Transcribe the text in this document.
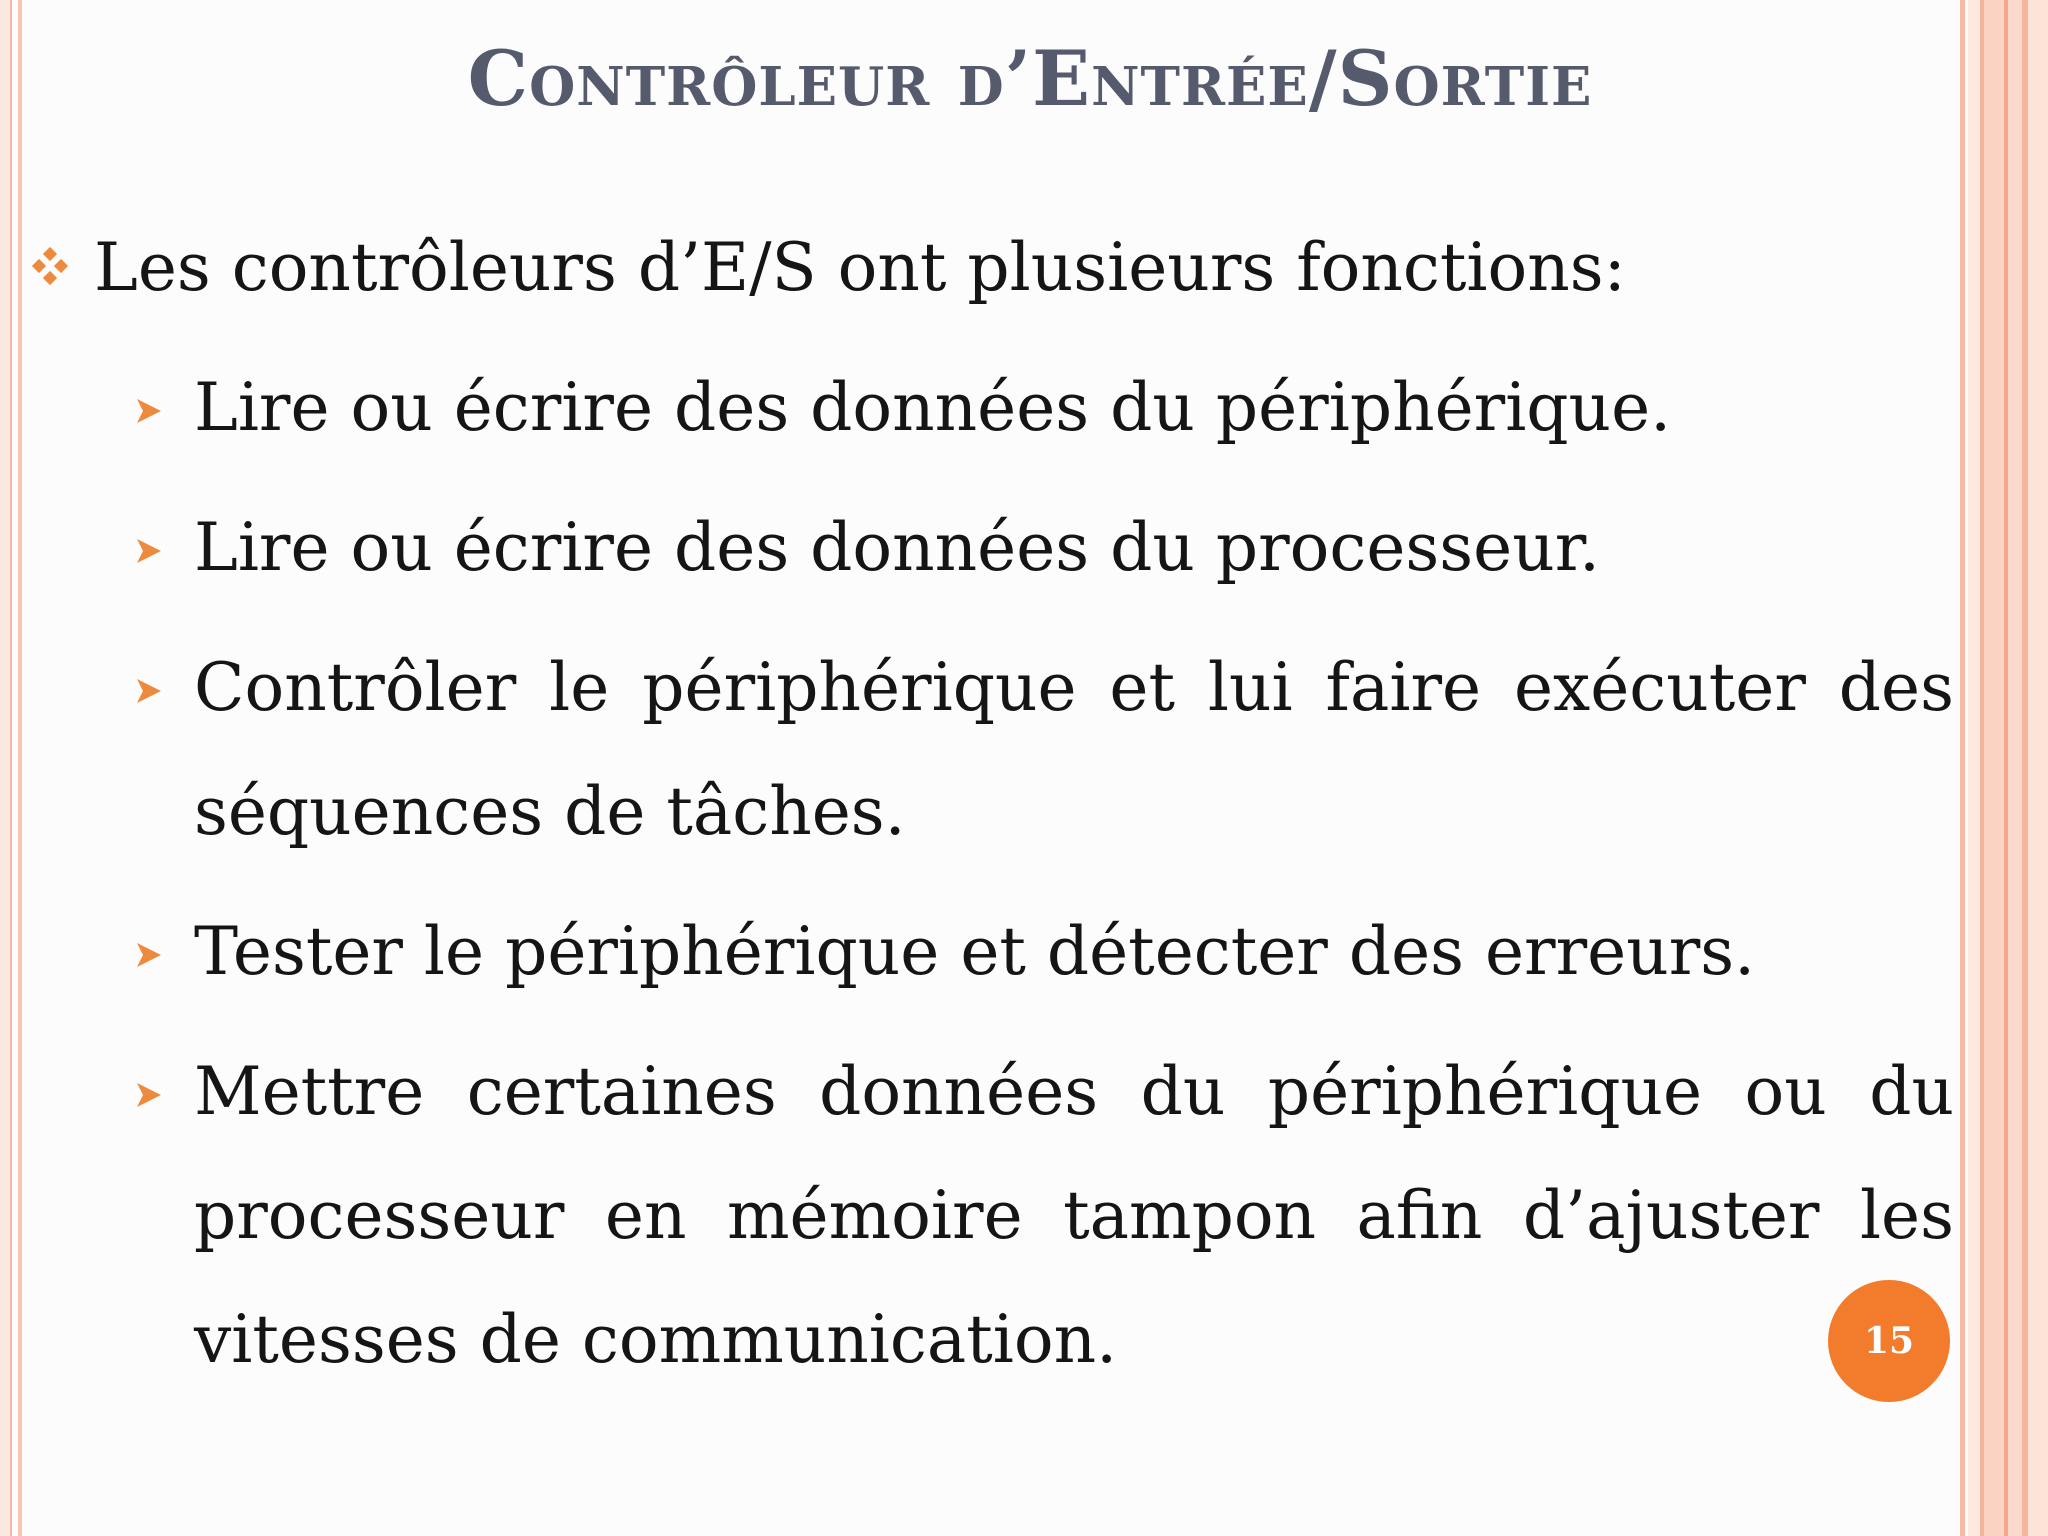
Contrôleur d’Entrée/Sortie
Les contrôleurs d’E/S ont plusieurs fonctions:
Lire ou écrire des données du périphérique.
Lire ou écrire des données du processeur.
Contrôler le périphérique et lui faire exécuter des séquences de tâches.
Tester le périphérique et détecter des erreurs.
Mettre certaines données du périphérique ou du processeur en mémoire tampon afin d’ajuster les vitesses de communication.	15
